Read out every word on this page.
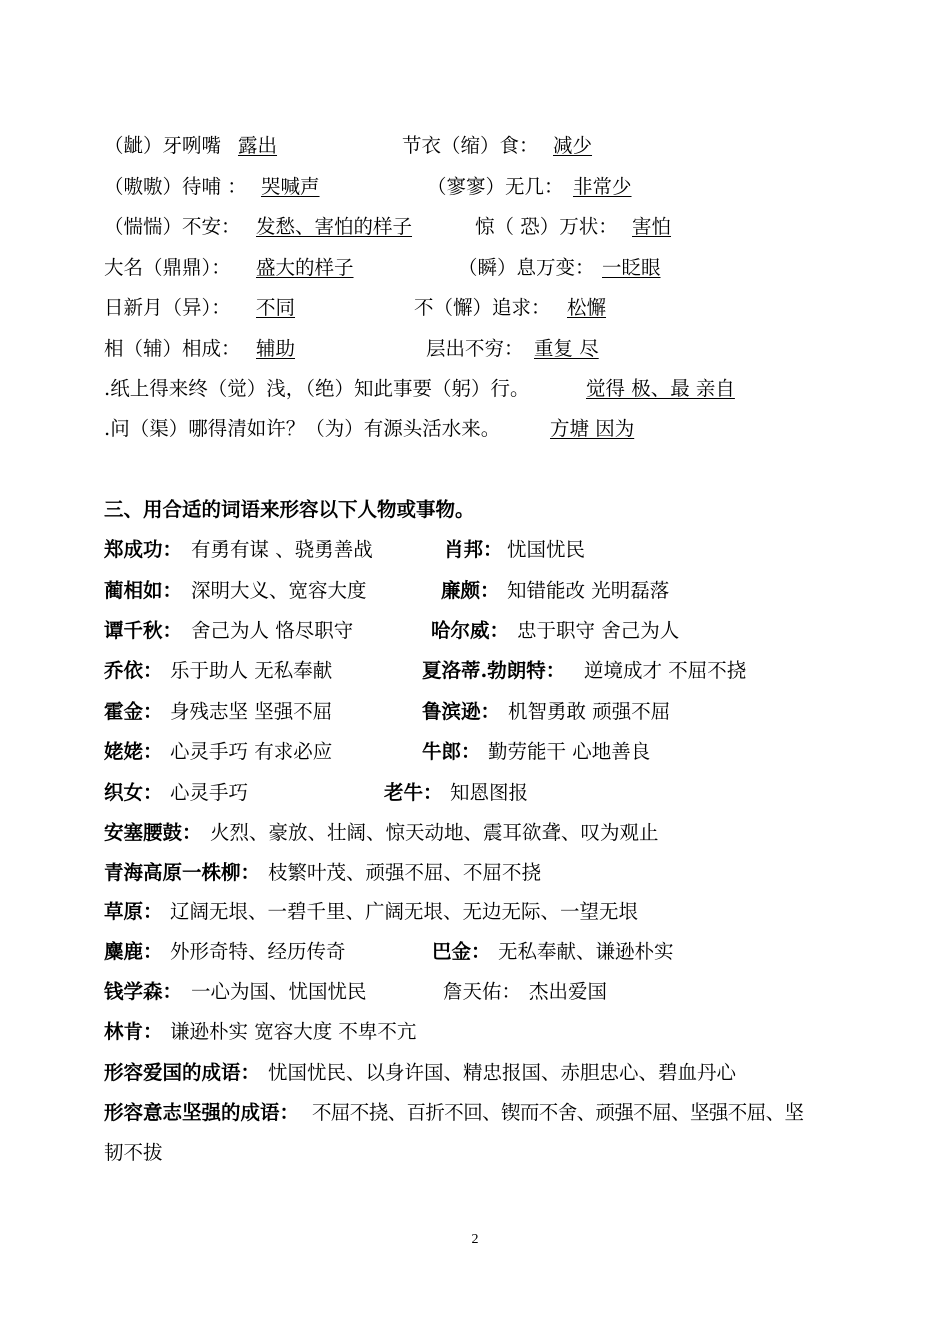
（龇）牙咧嘴 露出	节衣（缩）食： 减少
（嗷嗷）待哺 ： 哭喊声	（寥寥）无几： 非常少
（惴惴）不安： 发愁、害怕的样子	惊（ 恐）万状： 害怕
大名（鼎鼎）： 盛大的样子	（瞬）息万变： 一眨眼
日新月（异）： 不同	不（懈）追求： 松懈
相（辅）相成： 辅助	层出不穷： 重复 尽
.纸上得来终（觉）浅，（绝）知此事要（躬）行。	觉得 极、最 亲自
.问（渠）哪得清如许？（为）有源头活水来。	方塘 因为
三、用合适的词语来形容以下人物或事物。
郑成功： 有勇有谋 、骁勇善战	肖邦： 忧国忧民
蔺相如： 深明大义、宽容大度	廉颇： 知错能改 光明磊落
谭千秋： 舍己为人 恪尽职守	哈尔威： 忠于职守 舍己为人
乔依： 乐于助人 无私奉献	夏洛蒂.勃朗特： 逆境成才 不屈不挠
霍金： 身残志坚 坚强不屈	鲁滨逊： 机智勇敢 顽强不屈
姥姥： 心灵手巧 有求必应	牛郎： 勤劳能干 心地善良
织女： 心灵手巧	老牛： 知恩图报
安塞腰鼓： 火烈、豪放、壮阔、惊天动地、震耳欲聋、叹为观止
青海高原一株柳： 枝繁叶茂、顽强不屈、不屈不挠
草原： 辽阔无垠、一碧千里、广阔无垠、无边无际、一望无垠
麋鹿： 外形奇特、经历传奇	巴金： 无私奉献、谦逊朴实
钱学森： 一心为国、忧国忧民	詹天佑： 杰出爱国
林肯： 谦逊朴实 宽容大度 不卑不亢
形容爱国的成语： 忧国忧民、以身许国、精忠报国、赤胆忠心、碧血丹心
形容意志坚强的成语： 不屈不挠、百折不回、锲而不舍、顽强不屈、坚强不屈、坚
韧不拔
2
